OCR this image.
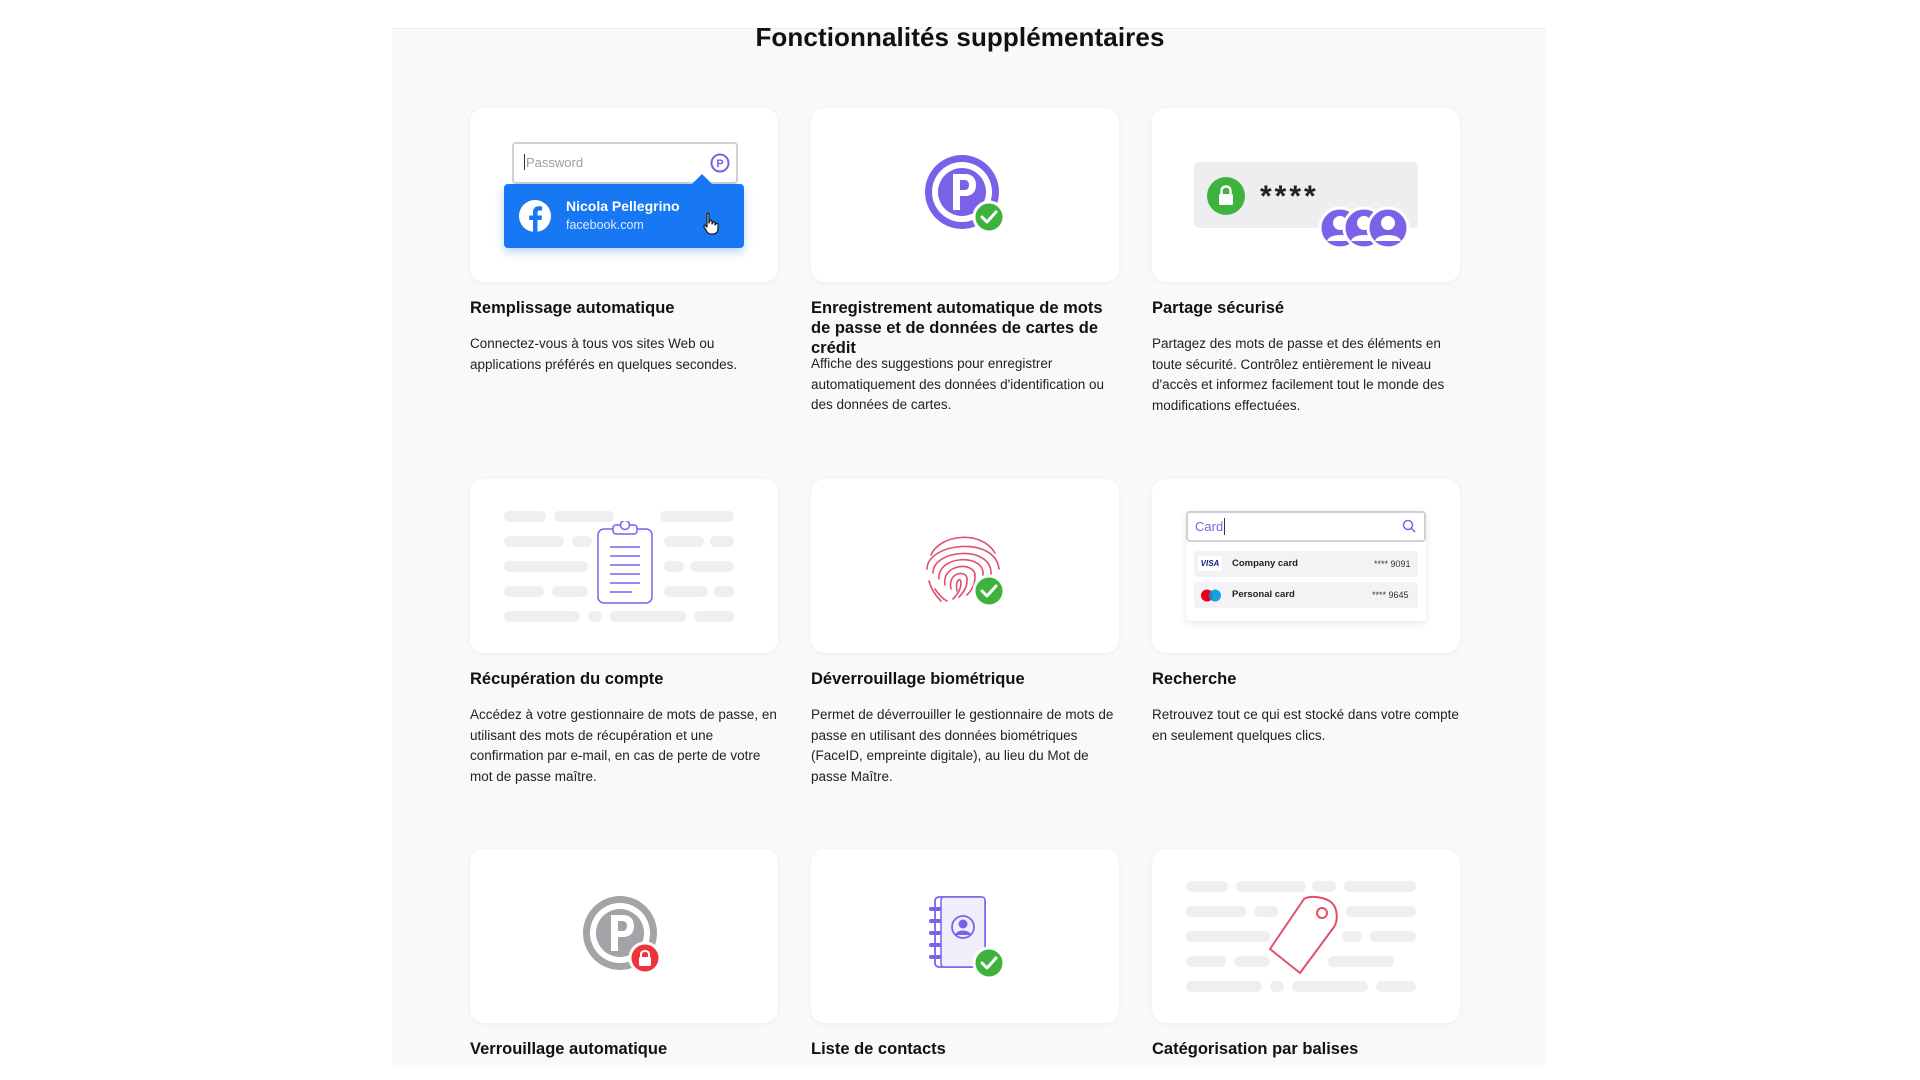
Fonctionnalités supplémentaires
Password	P
Nicola Pellegrino
facebook.com
Remplissage automatique
Connectez-vous à tous vos sites Web ou applications préférés en quelques secondes.
Enregistrement automatique de mots de passe et de données de cartes de crédit
Affiche des suggestions pour enregistrer automatiquement des données d'identification ou des données de cartes.
****
Partage sécurisé
Partagez des mots de passe et des éléments en toute sécurité. Contrôlez entièrement le niveau d'accès et informez facilement tout le monde des modifications effectuées.
Récupération du compte
Accédez à votre gestionnaire de mots de passe, en utilisant des mots de récupération et une confirmation par e-mail, en cas de perte de votre mot de passe maître.
Déverrouillage biométrique
Permet de déverrouiller le gestionnaire de mots de passe en utilisant des données biométriques (FaceID, empreinte digitale), au lieu du Mot de passe Maître.
Card
VISA Company card	**** 9091
Personal card	**** 9645
Recherche
Retrouvez tout ce qui est stocké dans votre compte en seulement quelques clics.
Verrouillage automatique	Liste de contacts	Catégorisation par balises
